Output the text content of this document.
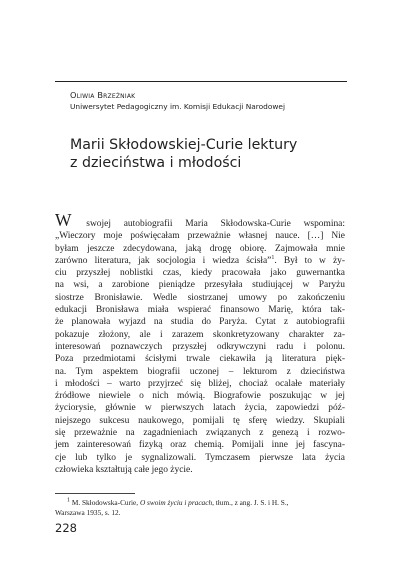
Oliwia Brzeźniak
Uniwersytet Pedagogiczny im. Komisji Edukacji Narodowej
Marii Skłodowskiej-Curie lektury
z dzieciństwa i młodości
W swojej autobiografii Maria Skłodowska-Curie wspomina:
„Wieczory moje poświęcałam przeważnie własnej nauce. […] Nie
byłam jeszcze zdecydowana, jaką drogę obiorę. Zajmowała mnie
zarówno literatura, jak socjologia i wiedza ścisła”$^1$. Był to w ży-
ciu przyszłej noblistki czas, kiedy pracowała jako guwernantka
na wsi, a zarobione pieniądze przesyłała studiującej w Paryżu
siostrze Bronisławie. Wedle siostrzanej umowy po zakończeniu
edukacji Bronisława miała wspierać finansowo Marię, która tak-
że planowała wyjazd na studia do Paryża. Cytat z autobiografii
pokazuje złożony, ale i zarazem skonkretyzowany charakter za-
interesowań poznawczych przyszłej odkrywczyni radu i polonu.
Poza przedmiotami ścisłymi trwale ciekawiła ją literatura pięk-
na. Tym aspektem biografii uczonej – lekturom z dzieciństwa
i młodości – warto przyjrzeć się bliżej, chociaż ocalałe materiały
źródłowe niewiele o nich mówią. Biografowie poszukując w jej
życiorysie, głównie w pierwszych latach życia, zapowiedzi póź-
niejszego sukcesu naukowego, pomijali tę sferę wiedzy. Skupiali
się przeważnie na zagadnieniach związanych z genezą i rozwo-
jem zainteresowań fizyką oraz chemią. Pomijali inne jej fascyna-
cje lub tylko je sygnalizowali. Tymczasem pierwsze lata życia
człowieka kształtują całe jego życie.
$^1$ M. Skłodowska-Curie, O swoim życiu i pracach, tłum., z ang. J. S. i H. S.,
Warszawa 1935, s. 12.
228
